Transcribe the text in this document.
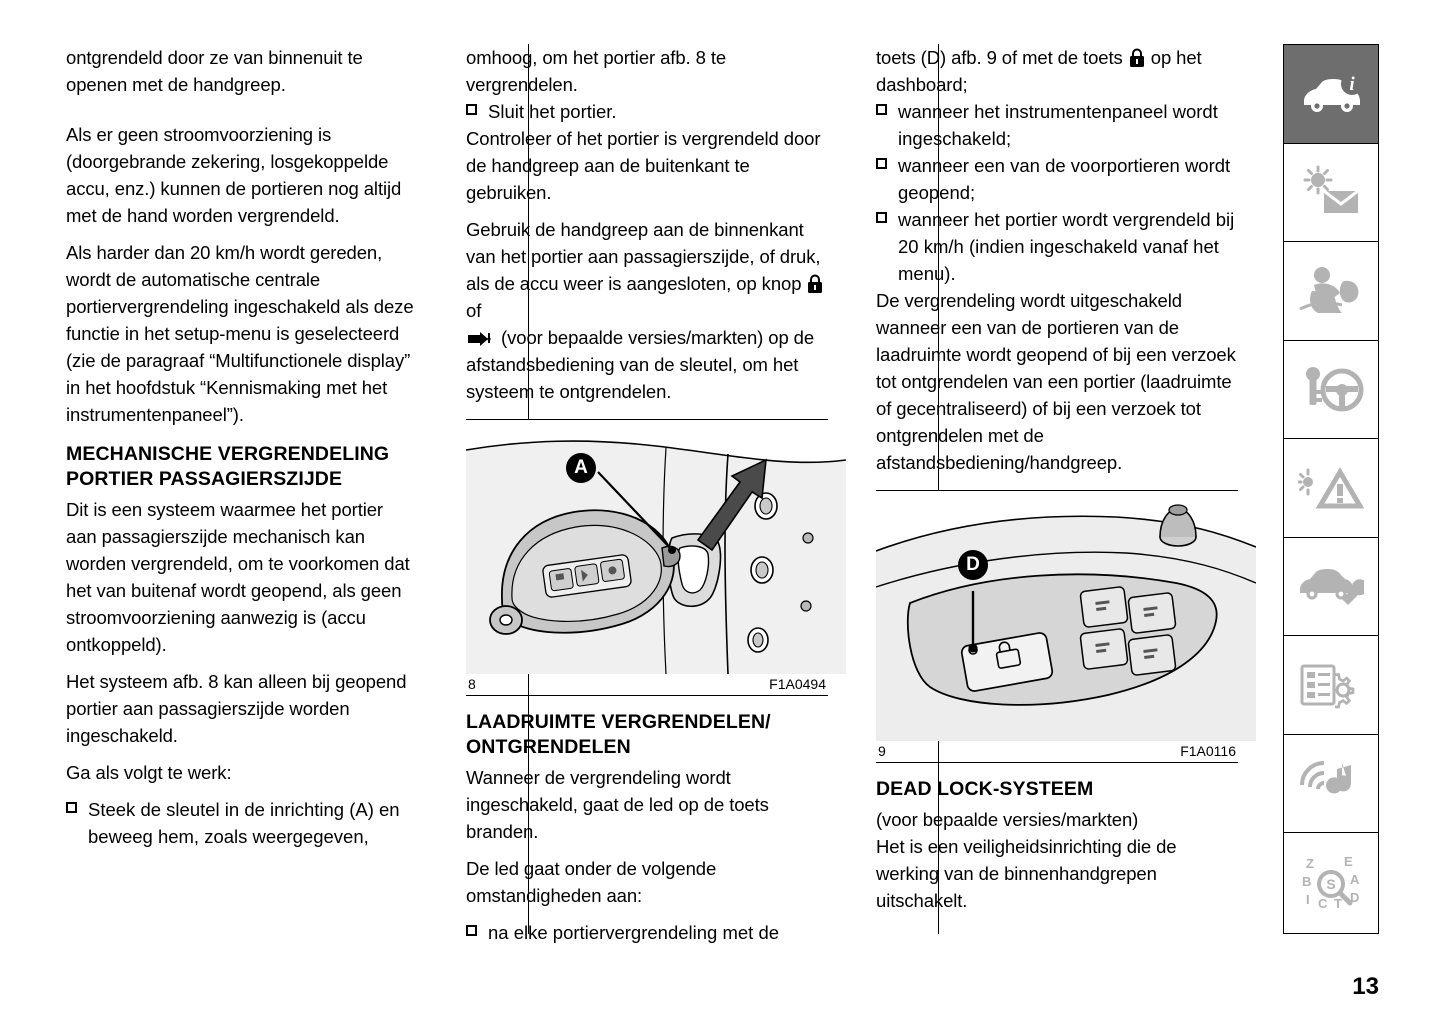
ontgrendeld door ze van binnenuit te openen met de handgreep.

Als er geen stroomvoorziening is (doorgebrande zekering, losgekoppelde accu, enz.) kunnen de portieren nog altijd met de hand worden vergrendeld.

Als harder dan 20 km/h wordt gereden, wordt de automatische centrale portiervergrendeling ingeschakeld als deze functie in het setup-menu is geselecteerd (zie de paragraaf “Multifunctionele display” in het hoofdstuk “Kennismaking met het instrumentenpaneel”).

MECHANISCHE VERGRENDELING PORTIER PASSAGIERSZIJDE

Dit is een systeem waarmee het portier aan passagierszijde mechanisch kan worden vergrendeld, om te voorkomen dat het van buitenaf wordt geopend, als geen stroomvoorziening aanwezig is (accu ontkoppeld).

Het systeem afb. 8 kan alleen bij geopend portier aan passagierszijde worden ingeschakeld.

Ga als volgt te werk:

Steek de sleutel in de inrichting (A) en beweeg hem, zoals weergegeven,

omhoog, om het portier afb. 8 te vergrendelen.

Sluit het portier.

Controleer of het portier is vergrendeld door de handgreep aan de buitenkant te gebruiken.

Gebruik de handgreep aan de binnenkant van het portier aan passagierszijde, of druk, als de accu weer is aangesloten, op knop  of
(voor bepaalde versies/markten) op de afstandsbediening van de sleutel, om het systeem te ontgrendelen.

A
8	F1A0494
LAADRUIMTE VERGRENDELEN/ ONTGRENDELEN

Wanneer de vergrendeling wordt ingeschakeld, gaat de led op de toets branden.

De led gaat onder de volgende omstandigheden aan:

na elke portiervergrendeling met de

toets (D) afb. 9 of met de toets  op het dashboard;

wanneer het instrumentenpaneel wordt ingeschakeld;
wanneer een van de voorportieren wordt geopend;
wanneer het portier wordt vergrendeld bij 20 km/h (indien ingeschakeld vanaf het menu).

De vergrendeling wordt uitgeschakeld wanneer een van de portieren van de laadruimte wordt geopend of bij een verzoek tot ontgrendelen van een portier (laadruimte of gecentraliseerd) of bij een verzoek tot ontgrendelen met de afstandsbediening/handgreep.

D
9	F1A0116
DEAD LOCK-SYSTEEM

(voor bepaalde versies/markten)

Het is een veiligheidsinrichting die de werking van de binnenhandgrepen uitschakelt.

i
Z E
B	A
I C T D
S
13
